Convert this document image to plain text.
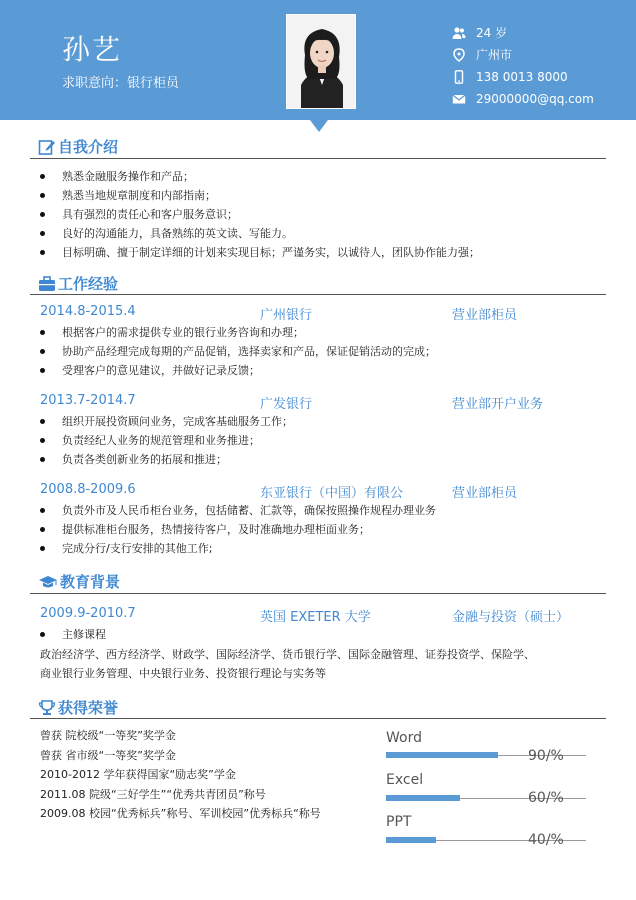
孙艺
求职意向：银行柜员
24 岁
广州市
138 0013 8000
29000000@qq.com
自我介绍
熟悉金融服务操作和产品；
熟悉当地规章制度和内部指南；
具有强烈的责任心和客户服务意识；
良好的沟通能力，具备熟练的英文读、写能力。
目标明确、擅于制定详细的计划来实现目标；严谨务实，以诚待人，团队协作能力强；
工作经验
2014.8-2015.4	广州银行	营业部柜员
根据客户的需求提供专业的银行业务咨询和办理；
协助产品经理完成每期的产品促销，选择卖家和产品，保证促销活动的完成；
受理客户的意见建议，并做好记录反馈；
2013.7-2014.7	广发银行	营业部开户业务
组织开展投资顾问业务，完成客基础服务工作；
负责经纪人业务的规范管理和业务推进；
负责各类创新业务的拓展和推进；
2008.8-2009.6	东亚银行（中国）有限公	营业部柜员
负责外市及人民币柜台业务，包括储蓄、汇款等，确保按照操作规程办理业务
提供标准柜台服务，热情接待客户，及时准确地办理柜面业务；
完成分行/支行安排的其他工作;
教育背景
2009.9-2010.7	英国 EXETER 大学	金融与投资（硕士）
主修课程
政治经济学、西方经济学、财政学、国际经济学、货币银行学、国际金融管理、证券投资学、保险学、
商业银行业务管理、中央银行业务、投资银行理论与实务等
获得荣誉
曾获 院校级“一等奖”奖学金
曾获 省市级“一等奖”奖学金
2010-2012 学年获得国家“励志奖”学金
2011.08 院级“三好学生”“优秀共青团员”称号
2009.08 校园“优秀标兵”称号、军训校园”优秀标兵“称号
Word
90/%
Excel
60/%
PPT
40/%
